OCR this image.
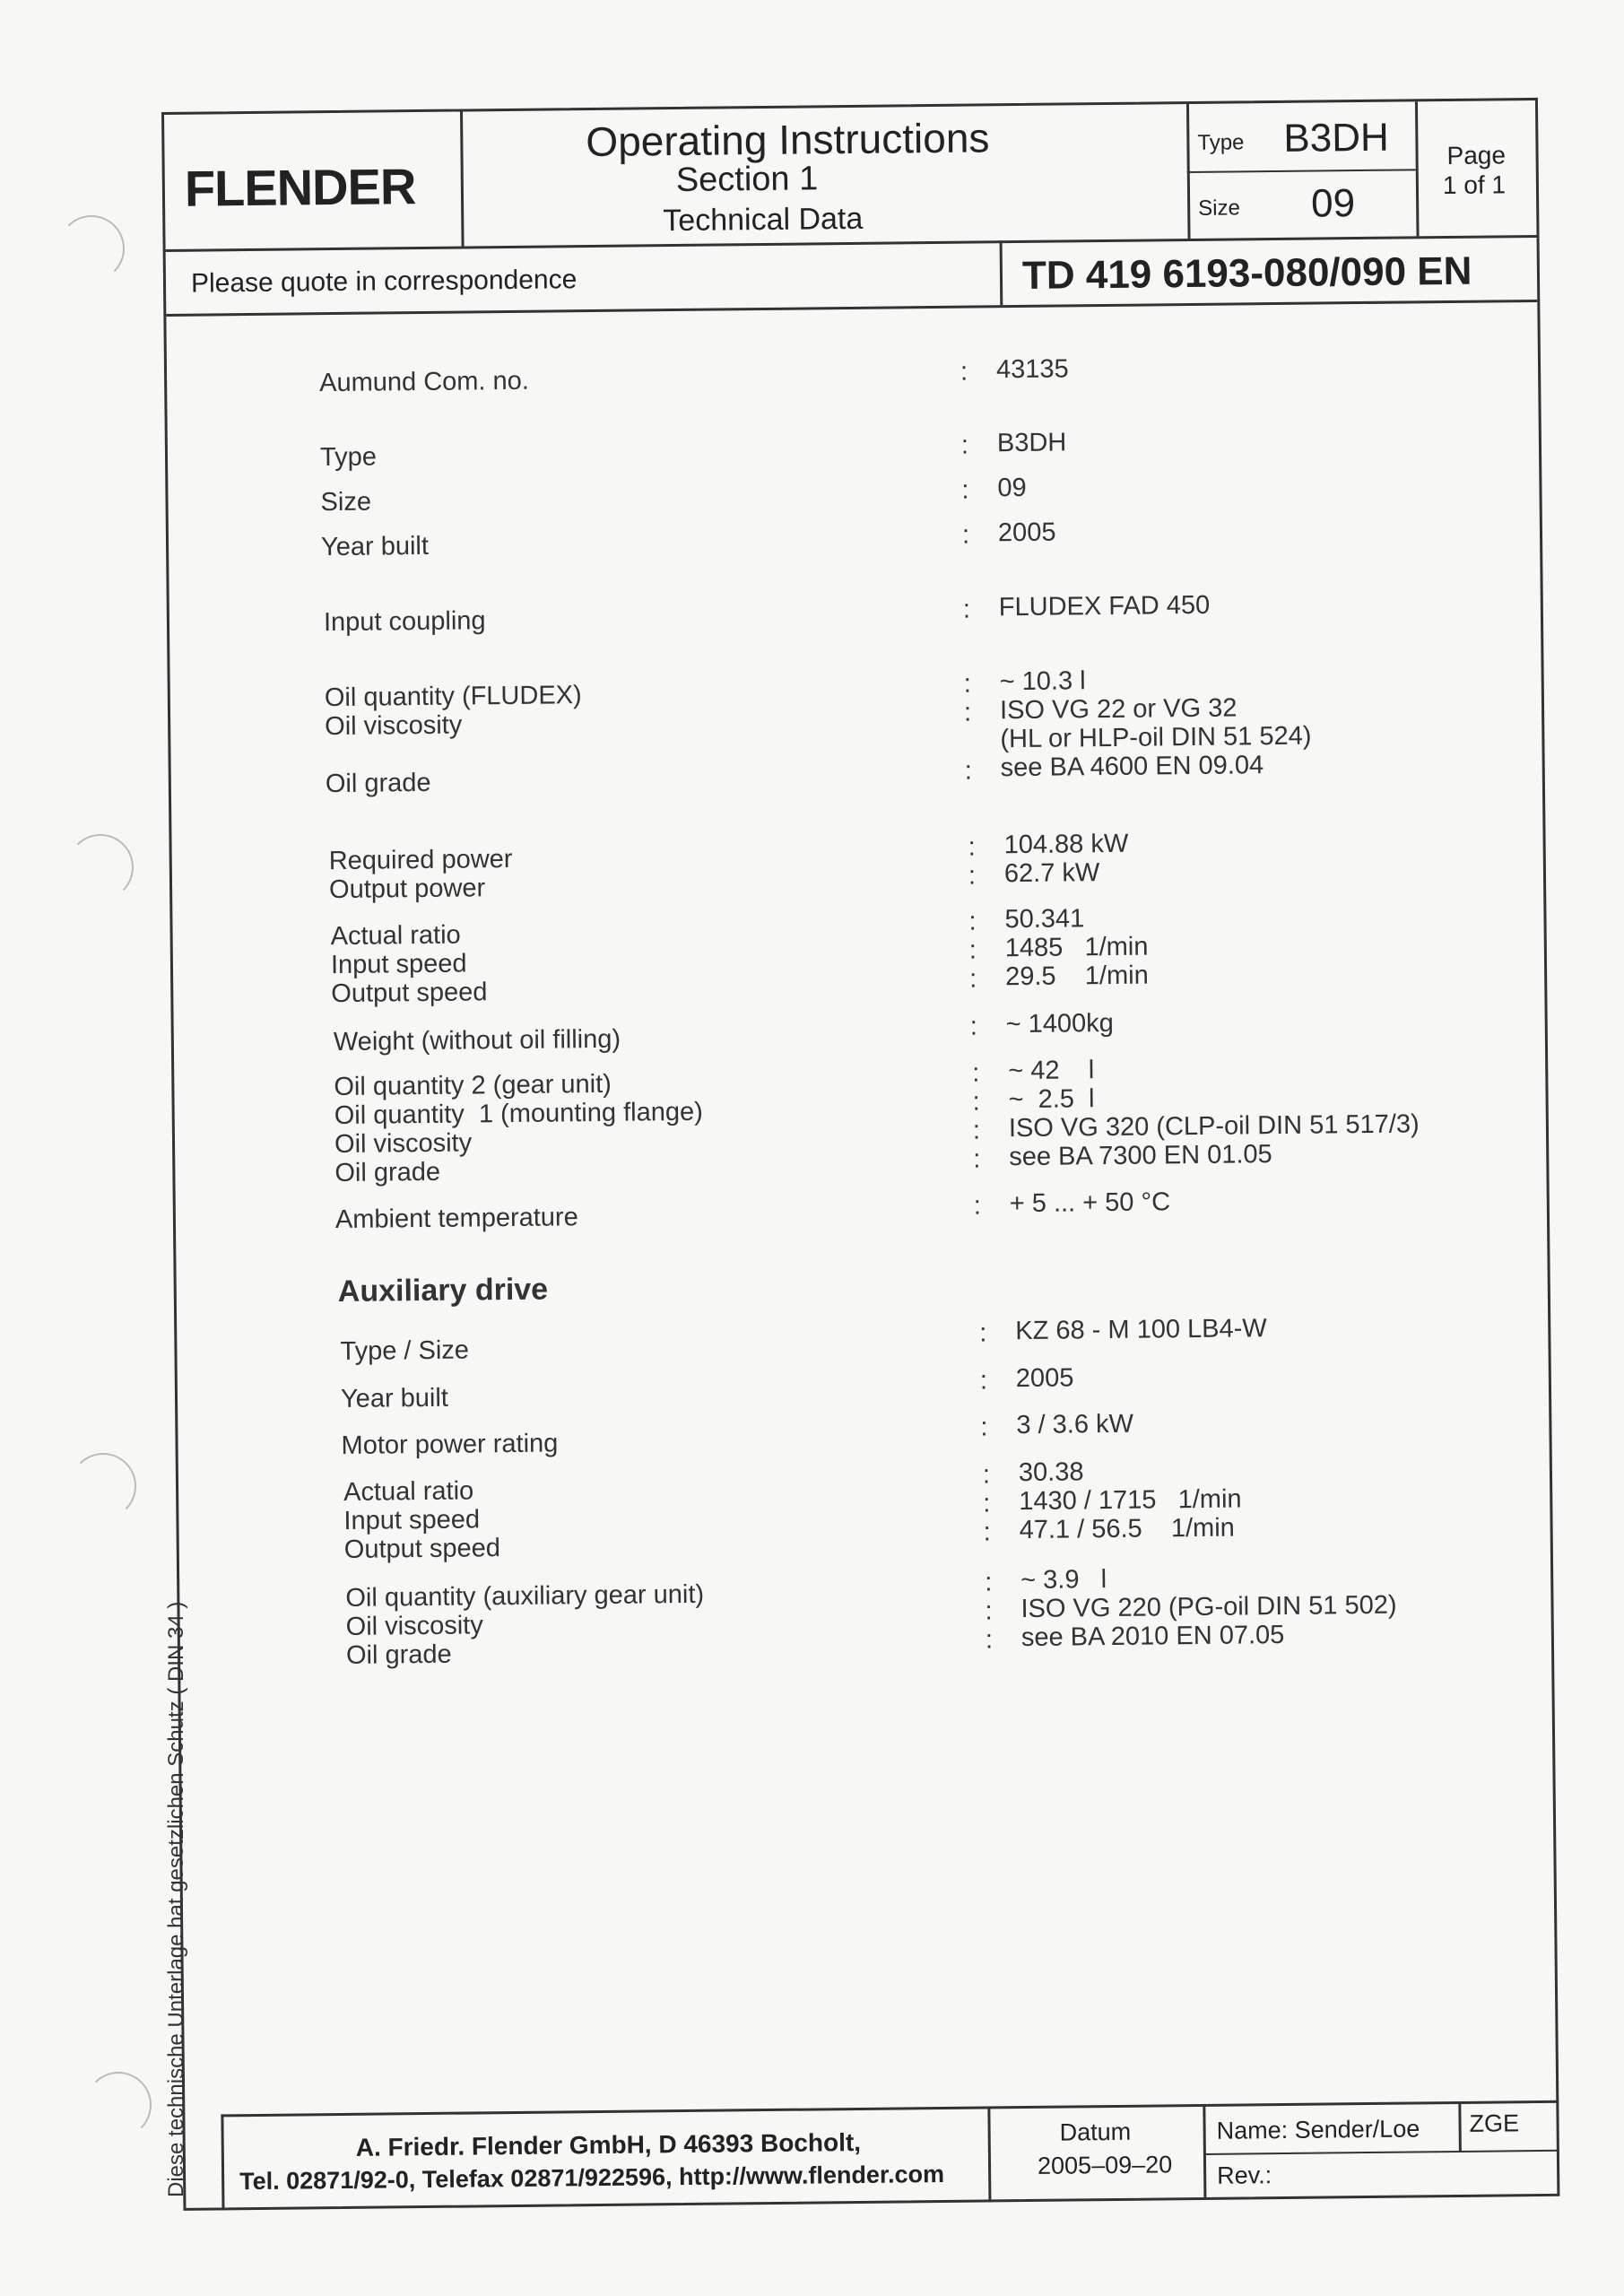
FLENDER
Operating Instructions
Section 1
Technical Data
Type B3DH
Size 09
Page
1 of 1
Please quote in correspondence	TD 419 6193-080/090 EN
Aumund Com. no.	: 43135
Type	: B3DH
Size	: 09
Year built	: 2005
Input coupling	: FLUDEX FAD 450
Oil quantity (FLUDEX)	: ~ 10.3 l
Oil viscosity	: ISO VG 22 or VG 32
(HL or HLP-oil DIN 51 524)
Oil grade	: see BA 4600 EN 09.04
Required power	: 104.88 kW
Output power	: 62.7 kW
Actual ratio	: 50.341
Input speed	: 1485   1/min
Output speed	: 29.5    1/min
Weight (without oil filling)	: ~ 1400kg
Oil quantity 2 (gear unit)	: ~ 42    l
Oil quantity  1 (mounting flange)	: ~  2.5  l
Oil viscosity	: ISO VG 320 (CLP-oil DIN 51 517/3)
Oil grade	: see BA 7300 EN 01.05
Ambient temperature	: + 5 ... + 50 °C
Auxiliary drive
Type / Size
: KZ 68 - M 100 LB4-W
Year built
: 2005
Motor power rating
: 3 / 3.6 kW
Actual ratio
: 30.38
Input speed
: 1430 / 1715   1/min
Output speed
: 47.1 / 56.5    1/min
Oil quantity (auxiliary gear unit)	: ~ 3.9   l
Oil viscosity	: ISO VG 220 (PG-oil DIN 51 502)
Oil grade
: see BA 2010 EN 07.05
A. Friedr. Flender GmbH, D 46393 Bocholt,
Tel. 02871/92-0, Telefax 02871/922596, http://www.flender.com
Datum
2005–09–20
Name: Sender/Loe
Rev.:
ZGE
Diese technische Unterlage hat gesetzlichen Schutz ( DIN 34 )
